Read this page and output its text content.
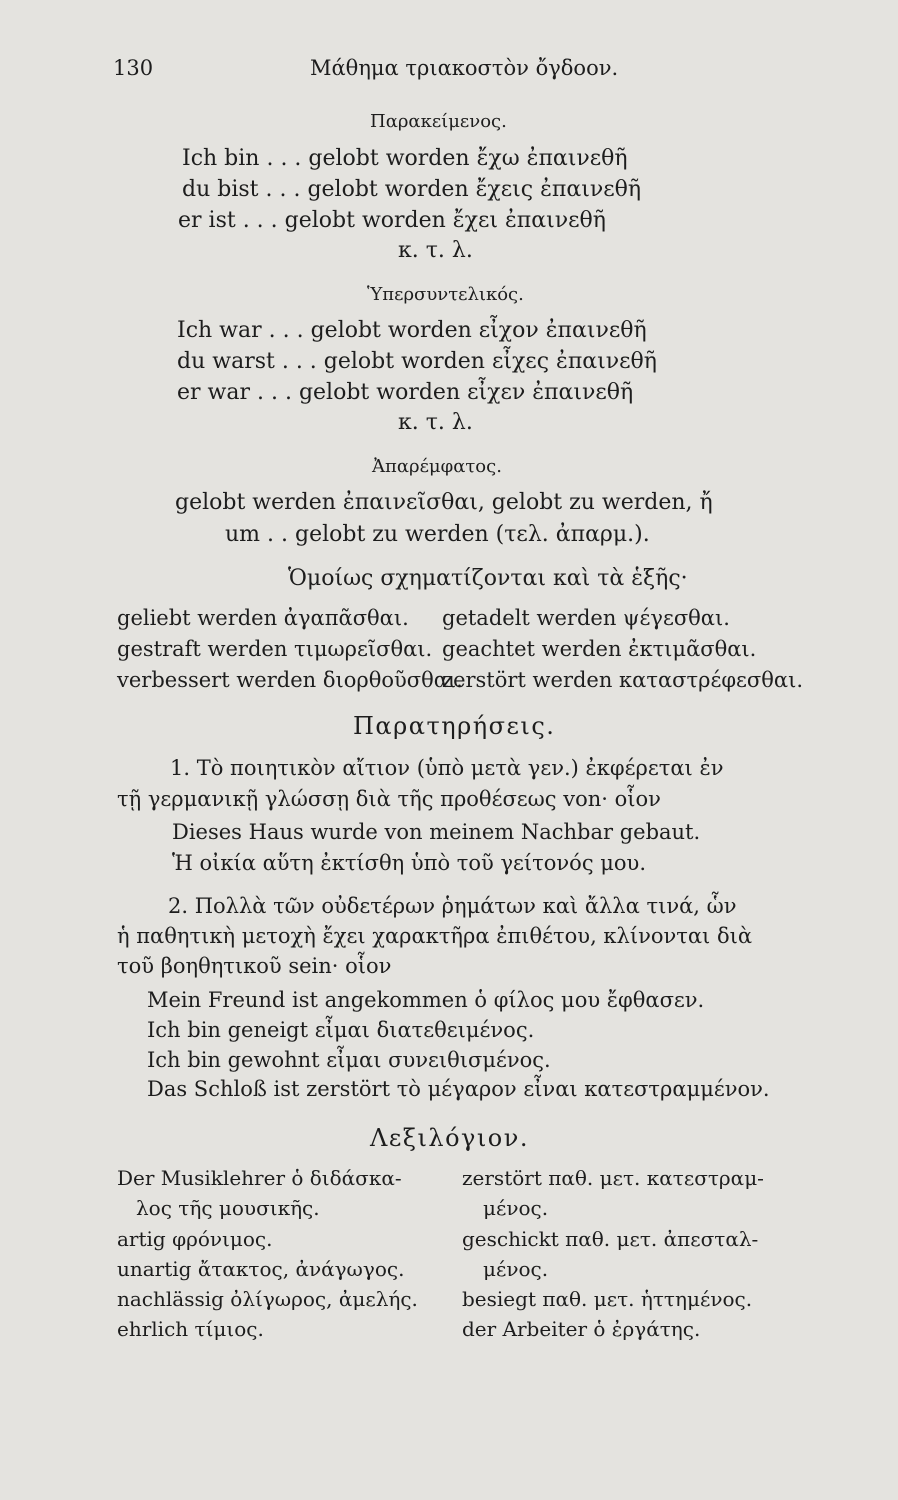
130	Μάθημα τριακοστὸν ὄγδοον.
Παρακείμενος.
Ich bin . . . gelobt worden ἔχω ἐπαινεθῆ
du bist . . . gelobt worden ἔχεις ἐπαινεθῆ
er ist . . . gelobt worden ἔχει ἐπαινεθῆ
κ. τ. λ.
Ὑπερσυντελικός.
Ich war . . . gelobt worden εἶχον ἐπαινεθῆ
du warst . . . gelobt worden εἶχες ἐπαινεθῆ
er war . . . gelobt worden εἶχεν ἐπαινεθῆ
κ. τ. λ.
Ἀπαρέμφατος.
gelobt werden ἐπαινεῖσθαι, gelobt zu werden, ἤ
um . . gelobt zu werden (τελ. ἀπαρμ.).
Ὁμοίως σχηματίζονται καὶ τὰ ἑξῆς·
geliebt werden ἀγαπᾶσθαι.
gestraft werden τιμωρεῖσθαι.
verbessert werden διορθοῦσθαι.
getadelt werden ψέγεσθαι.
geachtet werden ἐκτιμᾶσθαι.
zerstört werden καταστρέφεσθαι.
Παρατηρήσεις.
1. Τὸ ποιητικὸν αἴτιον (ὑπὸ μετὰ γεν.) ἐκφέρεται ἐν
τῇ γερμανικῇ γλώσσῃ διὰ τῆς προθέσεως von· οἷον
Dieses Haus wurde von meinem Nachbar gebaut.
Ἡ οἰκία αὕτη ἐκτίσθη ὑπὸ τοῦ γείτονός μου.
2. Πολλὰ τῶν οὐδετέρων ῥημάτων καὶ ἄλλα τινά, ὧν
ἡ παθητικὴ μετοχὴ ἔχει χαρακτῆρα ἐπιθέτου, κλίνονται διὰ
τοῦ βοηθητικοῦ sein· οἷον
Mein Freund ist angekommen ὁ φίλος μου ἔφθασεν.
Ich bin geneigt εἶμαι διατεθειμένος.
Ich bin gewohnt εἶμαι συνειθισμένος.
Das Schloß ist zerstört τὸ μέγαρον εἶναι κατεστραμμένον.
Λεξιλόγιον.
Der Musiklehrer ὁ διδάσκα-
λος τῆς μουσικῆς.
artig φρόνιμος.
unartig ἄτακτος, ἀνάγωγος.
nachlässig ὀλίγωρος, ἀμελής.
ehrlich τίμιος.
zerstört παθ. μετ. κατεστραμ-
μένος.
geschickt παθ. μετ. ἀπεσταλ-
μένος.
besiegt παθ. μετ. ἡττημένος.
der Arbeiter ὁ ἐργάτης.
